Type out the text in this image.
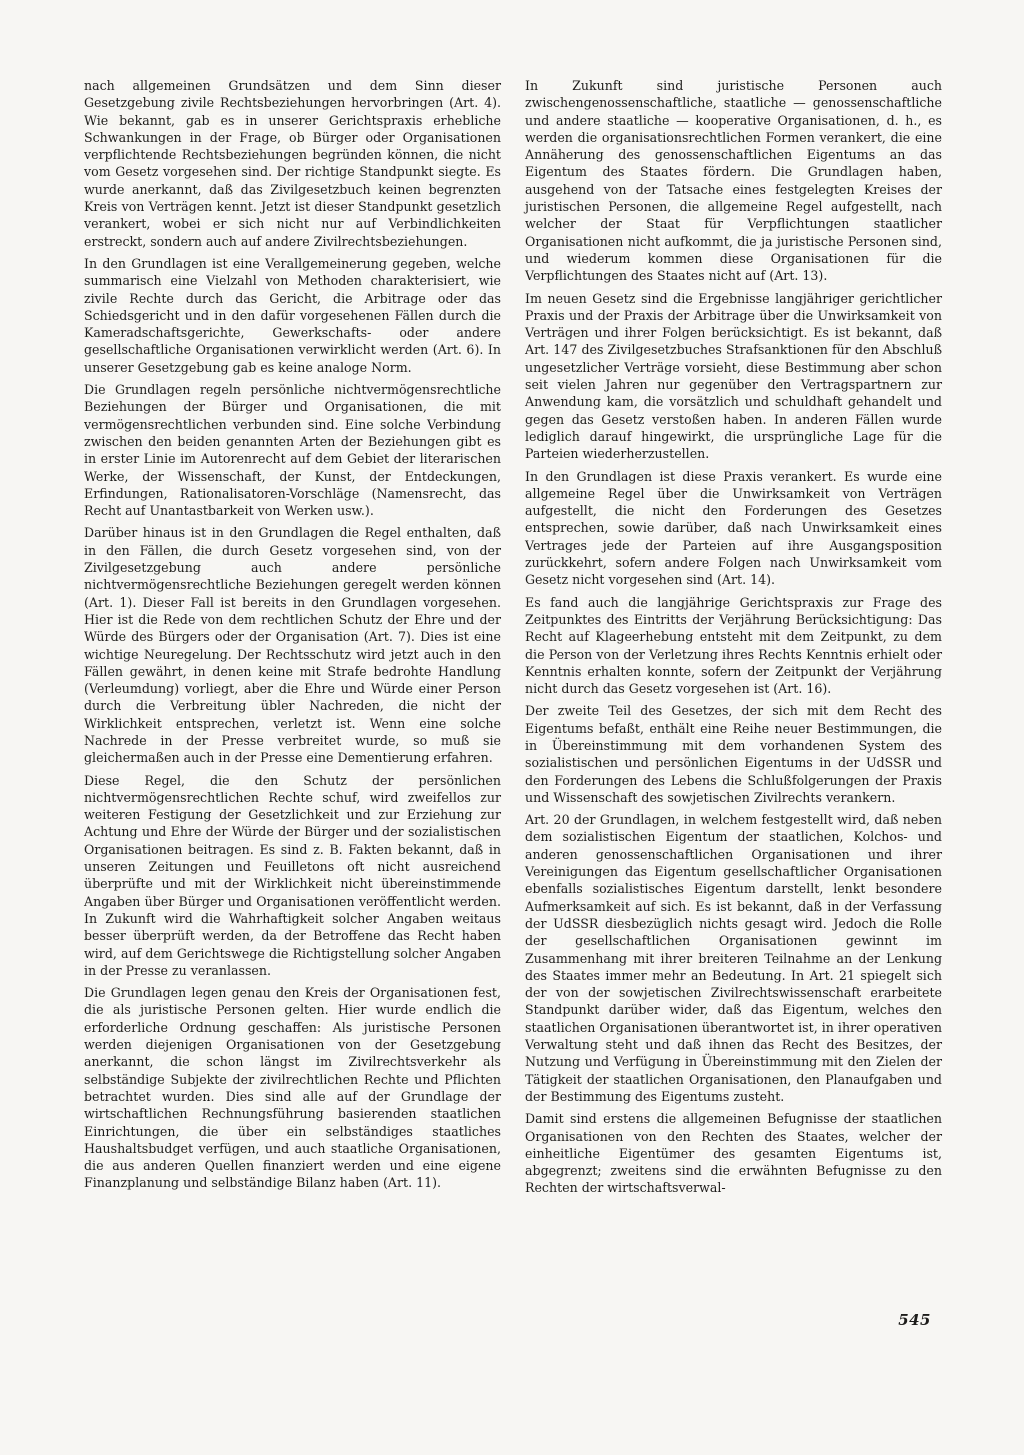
nach allgemeinen Grundsätzen und dem Sinn dieser Gesetzgebung zivile Rechtsbeziehungen hervorbringen (Art. 4). Wie bekannt, gab es in unserer Gerichtspraxis erhebliche Schwankungen in der Frage, ob Bürger oder Organisationen verpflichtende Rechtsbeziehungen begründen können, die nicht vom Gesetz vorgesehen sind. Der richtige Standpunkt siegte. Es wurde anerkannt, daß das Zivilgesetzbuch keinen begrenzten Kreis von Verträgen kennt. Jetzt ist dieser Standpunkt gesetzlich verankert, wobei er sich nicht nur auf Verbindlichkeiten erstreckt, sondern auch auf andere Zivilrechtsbeziehungen.

In den Grundlagen ist eine Verallgemeinerung gegeben, welche summarisch eine Vielzahl von Methoden charakterisiert, wie zivile Rechte durch das Gericht, die Arbitrage oder das Schiedsgericht und in den dafür vorgesehenen Fällen durch die Kameradschaftsgerichte, Gewerkschafts- oder andere gesellschaftliche Organisationen verwirklicht werden (Art. 6). In unserer Gesetzgebung gab es keine analoge Norm.

Die Grundlagen regeln persönliche nichtvermögensrechtliche Beziehungen der Bürger und Organisationen, die mit vermögensrechtlichen verbunden sind. Eine solche Verbindung zwischen den beiden genannten Arten der Beziehungen gibt es in erster Linie im Autorenrecht auf dem Gebiet der literarischen Werke, der Wissenschaft, der Kunst, der Entdeckungen, Erfindungen, Rationalisatoren-Vorschläge (Namensrecht, das Recht auf Unantastbarkeit von Werken usw.).

Darüber hinaus ist in den Grundlagen die Regel enthalten, daß in den Fällen, die durch Gesetz vorgesehen sind, von der Zivilgesetzgebung auch andere persönliche nichtvermögensrechtliche Beziehungen geregelt werden können (Art. 1). Dieser Fall ist bereits in den Grundlagen vorgesehen. Hier ist die Rede von dem rechtlichen Schutz der Ehre und der Würde des Bürgers oder der Organisation (Art. 7). Dies ist eine wichtige Neuregelung. Der Rechtsschutz wird jetzt auch in den Fällen gewährt, in denen keine mit Strafe bedrohte Handlung (Verleumdung) vorliegt, aber die Ehre und Würde einer Person durch die Verbreitung übler Nachreden, die nicht der Wirklichkeit entsprechen, verletzt ist. Wenn eine solche Nachrede in der Presse verbreitet wurde, so muß sie gleichermaßen auch in der Presse eine Dementierung erfahren.

Diese Regel, die den Schutz der persönlichen nichtvermögensrechtlichen Rechte schuf, wird zweifellos zur weiteren Festigung der Gesetzlichkeit und zur Erziehung zur Achtung und Ehre der Würde der Bürger und der sozialistischen Organisationen beitragen. Es sind z. B. Fakten bekannt, daß in unseren Zeitungen und Feuilletons oft nicht ausreichend überprüfte und mit der Wirklichkeit nicht übereinstimmende Angaben über Bürger und Organisationen veröffentlicht werden. In Zukunft wird die Wahrhaftigkeit solcher Angaben weitaus besser überprüft werden, da der Betroffene das Recht haben wird, auf dem Gerichtswege die Richtigstellung solcher Angaben in der Presse zu veranlassen.

Die Grundlagen legen genau den Kreis der Organisationen fest, die als juristische Personen gelten. Hier wurde endlich die erforderliche Ordnung geschaffen: Als juristische Personen werden diejenigen Organisationen von der Gesetzgebung anerkannt, die schon längst im Zivilrechtsverkehr als selbständige Subjekte der zivilrechtlichen Rechte und Pflichten betrachtet wurden. Dies sind alle auf der Grundlage der wirtschaftlichen Rechnungsführung basierenden staatlichen Einrichtungen, die über ein selbständiges staatliches Haushaltsbudget verfügen, und auch staatliche Organisationen, die aus anderen Quellen finanziert werden und eine eigene Finanzplanung und selbständige Bilanz haben (Art. 11).

In Zukunft sind juristische Personen auch zwischengenossenschaftliche, staatliche — genossenschaftliche und andere staatliche — kooperative Organisationen, d. h., es werden die organisationsrechtlichen Formen verankert, die eine Annäherung des genossenschaftlichen Eigentums an das Eigentum des Staates fördern. Die Grundlagen haben, ausgehend von der Tatsache eines festgelegten Kreises der juristischen Personen, die allgemeine Regel aufgestellt, nach welcher der Staat für Verpflichtungen staatlicher Organisationen nicht aufkommt, die ja juristische Personen sind, und wiederum kommen diese Organisationen für die Verpflichtungen des Staates nicht auf (Art. 13).

Im neuen Gesetz sind die Ergebnisse langjähriger gerichtlicher Praxis und der Praxis der Arbitrage über die Unwirksamkeit von Verträgen und ihrer Folgen berücksichtigt. Es ist bekannt, daß Art. 147 des Zivilgesetzbuches Strafsanktionen für den Abschluß ungesetzlicher Verträge vorsieht, diese Bestimmung aber schon seit vielen Jahren nur gegenüber den Vertragspartnern zur Anwendung kam, die vorsätzlich und schuldhaft gehandelt und gegen das Gesetz verstoßen haben. In anderen Fällen wurde lediglich darauf hingewirkt, die ursprüngliche Lage für die Parteien wiederherzustellen.

In den Grundlagen ist diese Praxis verankert. Es wurde eine allgemeine Regel über die Unwirksamkeit von Verträgen aufgestellt, die nicht den Forderungen des Gesetzes entsprechen, sowie darüber, daß nach Unwirksamkeit eines Vertrages jede der Parteien auf ihre Ausgangsposition zurückkehrt, sofern andere Folgen nach Unwirksamkeit vom Gesetz nicht vorgesehen sind (Art. 14).

Es fand auch die langjährige Gerichtspraxis zur Frage des Zeitpunktes des Eintritts der Verjährung Berücksichtigung: Das Recht auf Klageerhebung entsteht mit dem Zeitpunkt, zu dem die Person von der Verletzung ihres Rechts Kenntnis erhielt oder Kenntnis erhalten konnte, sofern der Zeitpunkt der Verjährung nicht durch das Gesetz vorgesehen ist (Art. 16).

Der zweite Teil des Gesetzes, der sich mit dem Recht des Eigentums befaßt, enthält eine Reihe neuer Bestimmungen, die in Übereinstimmung mit dem vorhandenen System des sozialistischen und persönlichen Eigentums in der UdSSR und den Forderungen des Lebens die Schlußfolgerungen der Praxis und Wissenschaft des sowjetischen Zivilrechts verankern.

Art. 20 der Grundlagen, in welchem festgestellt wird, daß neben dem sozialistischen Eigentum der staatlichen, Kolchos- und anderen genossenschaftlichen Organisationen und ihrer Vereinigungen das Eigentum gesellschaftlicher Organisationen ebenfalls sozialistisches Eigentum darstellt, lenkt besondere Aufmerksamkeit auf sich. Es ist bekannt, daß in der Verfassung der UdSSR diesbezüglich nichts gesagt wird. Jedoch die Rolle der gesellschaftlichen Organisationen gewinnt im Zusammenhang mit ihrer breiteren Teilnahme an der Lenkung des Staates immer mehr an Bedeutung. In Art. 21 spiegelt sich der von der sowjetischen Zivilrechtswissenschaft erarbeitete Standpunkt darüber wider, daß das Eigentum, welches den staatlichen Organisationen überantwortet ist, in ihrer operativen Verwaltung steht und daß ihnen das Recht des Besitzes, der Nutzung und Verfügung in Übereinstimmung mit den Zielen der Tätigkeit der staatlichen Organisationen, den Planaufgaben und der Bestimmung des Eigentums zusteht.

Damit sind erstens die allgemeinen Befugnisse der staatlichen Organisationen von den Rechten des Staates, welcher der einheitliche Eigentümer des gesamten Eigentums ist, abgegrenzt; zweitens sind die erwähnten Befugnisse zu den Rechten der wirtschaftsverwal-

545
